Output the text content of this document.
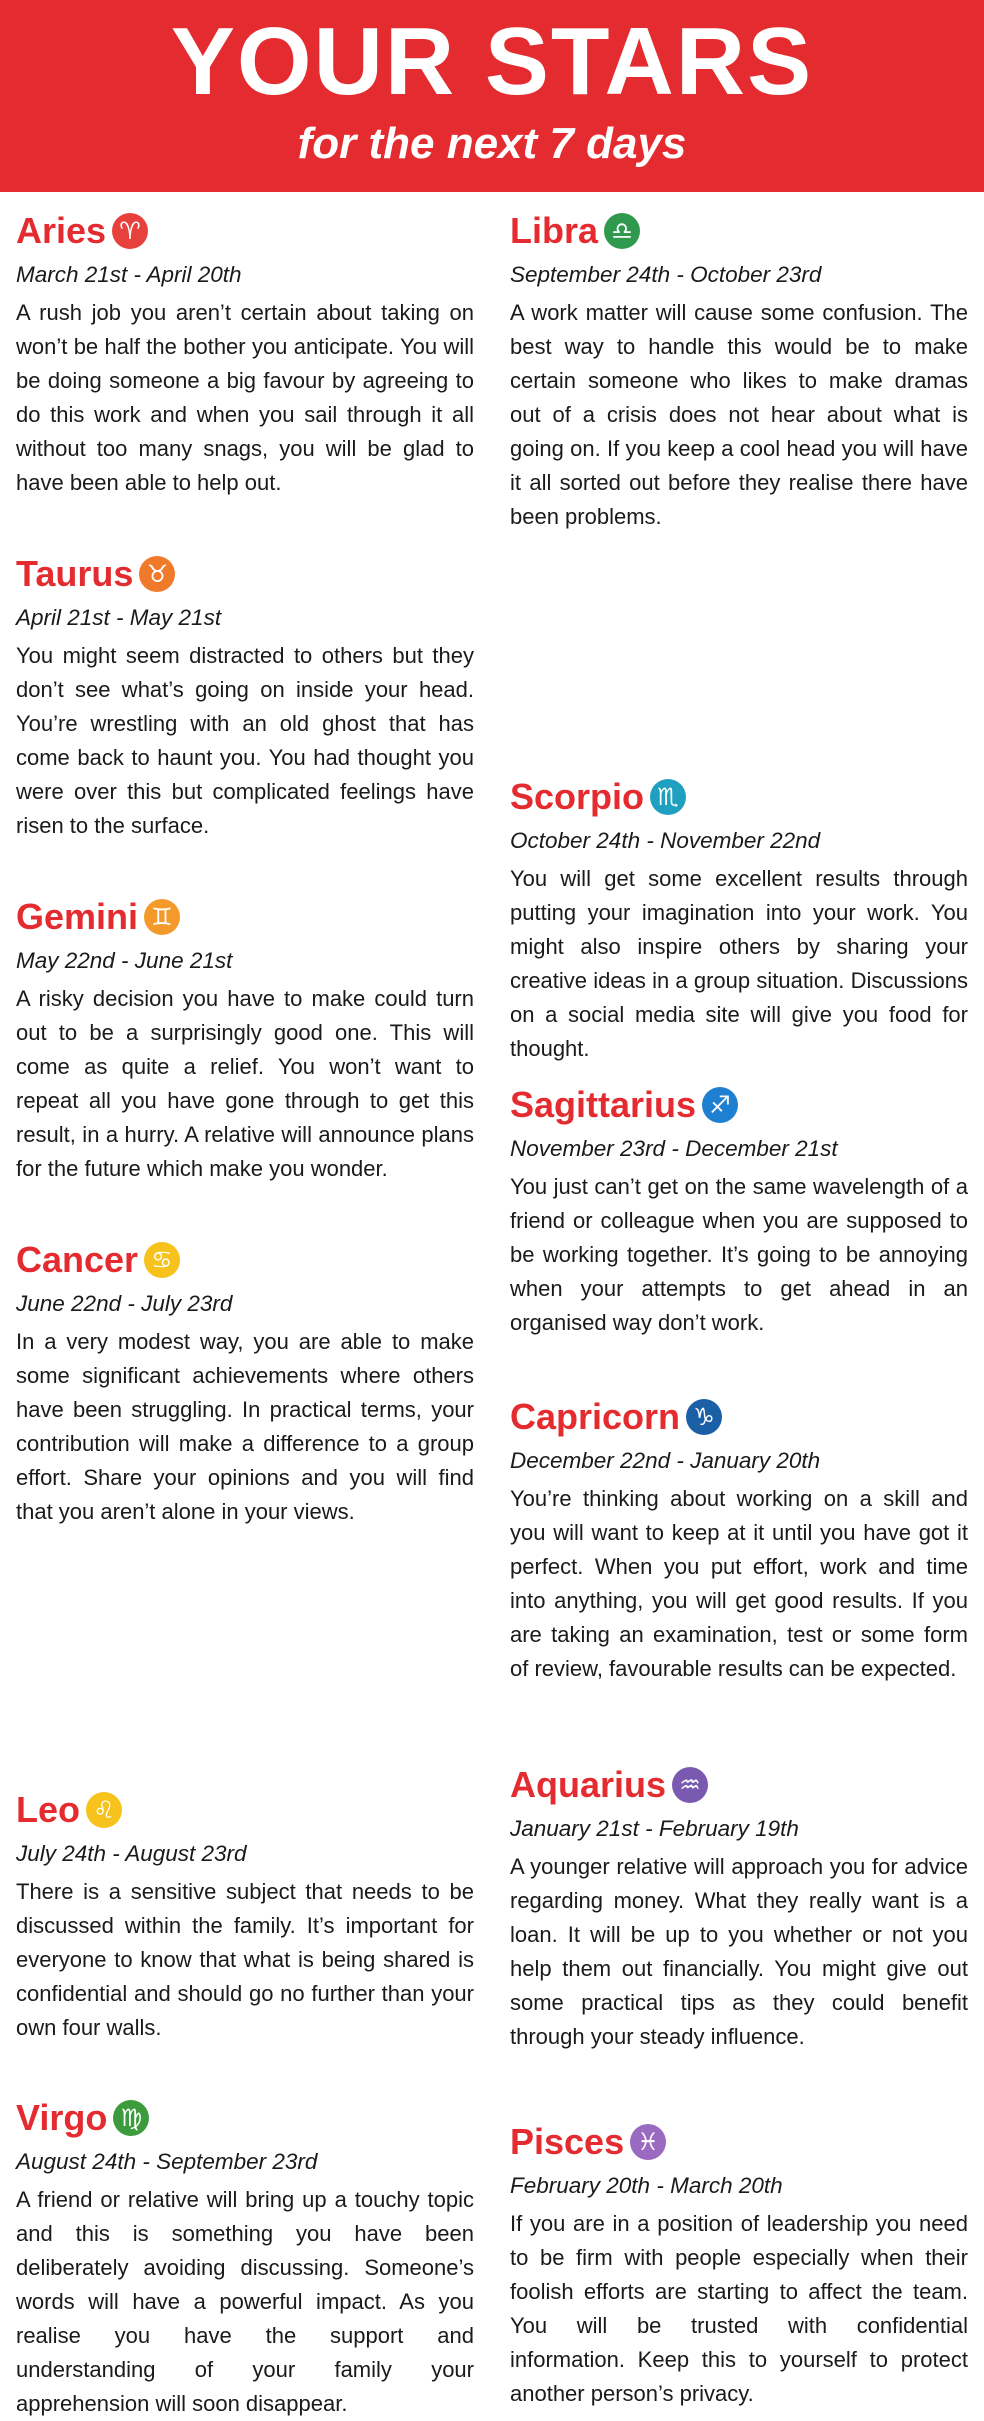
YOUR STARS
for the next 7 days
Aries ♈
March 21st - April 20th
A rush job you aren’t certain about taking on won’t be half the bother you anticipate. You will be doing someone a big favour by agreeing to do this work and when you sail through it all without too many snags, you will be glad to have been able to help out.
Taurus ♉
April 21st - May 21st
You might seem distracted to others but they don’t see what’s going on inside your head. You’re wrestling with an old ghost that has come back to haunt you. You had thought you were over this but complicated feelings have risen to the surface.
Gemini ♊
May 22nd - June 21st
A risky decision you have to make could turn out to be a surprisingly good one. This will come as quite a relief. You won’t want to repeat all you have gone through to get this result, in a hurry. A relative will announce plans for the future which make you wonder.
Cancer ♋
June 22nd - July 23rd
In a very modest way, you are able to make some significant achievements where others have been struggling. In practical terms, your contribution will make a difference to a group effort. Share your opinions and you will find that you aren’t alone in your views.
Leo ♌
July 24th - August 23rd
There is a sensitive subject that needs to be discussed within the family. It’s important for everyone to know that what is being shared is confidential and should go no further than your own four walls.
Virgo ♍
August 24th - September 23rd
A friend or relative will bring up a touchy topic and this is something you have been deliberately avoiding discussing. Someone’s words will have a powerful impact. As you realise you have the support and understanding of your family your apprehension will soon disappear.
Libra ♎
September 24th - October 23rd
A work matter will cause some confusion. The best way to handle this would be to make certain someone who likes to make dramas out of a crisis does not hear about what is going on. If you keep a cool head you will have it all sorted out before they realise there have been problems.
Scorpio ♏
October 24th - November 22nd
You will get some excellent results through putting your imagination into your work. You might also inspire others by sharing your creative ideas in a group situation. Discussions on a social media site will give you food for thought.
Sagittarius ♐
November 23rd - December 21st
You just can’t get on the same wavelength of a friend or colleague when you are supposed to be working together. It’s going to be annoying when your attempts to get ahead in an organised way don’t work.
Capricorn ♑
December 22nd - January 20th
You’re thinking about working on a skill and you will want to keep at it until you have got it perfect. When you put effort, work and time into anything, you will get good results. If you are taking an examination, test or some form of review, favourable results can be expected.
Aquarius ♒
January 21st - February 19th
A younger relative will approach you for advice regarding money. What they really want is a loan. It will be up to you whether or not you help them out financially. You might give out some practical tips as they could benefit through your steady influence.
Pisces ♓
February 20th - March 20th
If you are in a position of leadership you need to be firm with people especially when their foolish efforts are starting to affect the team. You will be trusted with confidential information. Keep this to yourself to protect another person’s privacy.
